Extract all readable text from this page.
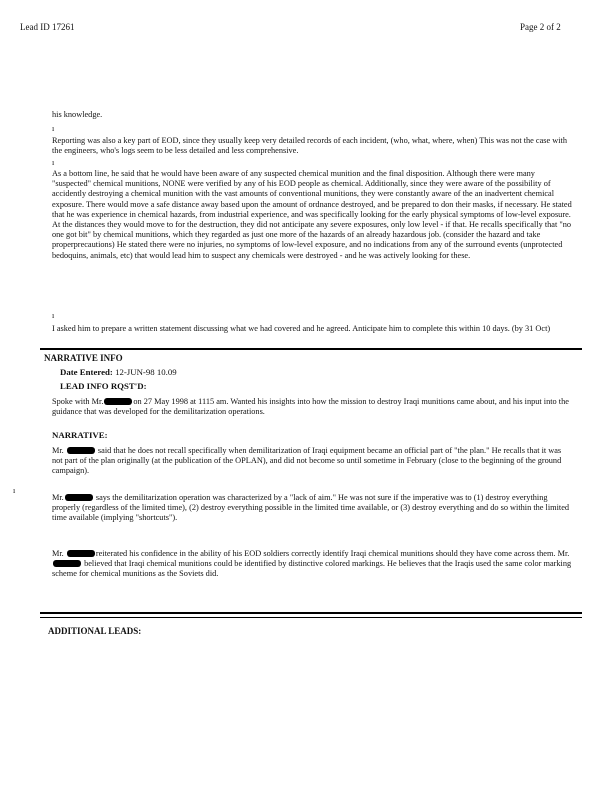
Lead ID 17261	Page 2 of 2

his knowledge.

ı

Reporting was also a key part of EOD, since they usually keep very detailed records of each incident, (who, what, where, when) This was not the case with the engineers, who's logs seem to be less detailed and less comprehensive.

ı

As a bottom line, he said that he would have been aware of any suspected chemical munition and the final disposition. Although there were many "suspected" chemical munitions, NONE were verified by any of his EOD people as chemical. Additionally, since they were aware of the possibility of accidently destroying a chemical munition with the vast amounts of conventional munitions, they were constantly aware of the an inadvertent chemical exposure. There would move a safe distance away based upon the amount of ordnance destroyed, and be prepared to don their masks, if necessary. He stated that he was experience in chemical hazards, from industrial experience, and was specifically looking for the early physical symptoms of low-level exposure. At the distances they would move to for the destruction, they did not anticipate any severe exposures, only low level - if that. He recalls specifically that "no one got bit" by chemical munitions, which they regarded as just one more of the hazards of an already hazardous job. (consider the hazard and take properprecautions) He stated there were no injuries, no symptoms of low-level exposure, and no indications from any of the surround events (unprotected bedoquins, animals, etc) that would lead him to suspect any chemicals were destroyed - and he was actively looking for these.

ı

I asked him to prepare a written statement discussing what we had covered and he agreed. Anticipate him to complete this within 10 days. (by 31 Oct)

NARRATIVE INFO
Date Entered: 12-JUN-98 10.09
LEAD INFO RQST'D:

Spoke with Mr.	on 27 May 1998 at 1115 am. Wanted his insights into how the mission to destroy Iraqi munitions came about, and his input into the guidance that was developed for the demilitarization operations.

NARRATIVE:

Mr.	said that he does not recall specifically when demilitarization of Iraqi equipment became an official part of "the plan." He recalls that it was not part of the plan originally (at the publication of the OPLAN), and did not become so until sometime in February (close to the beginning of the ground campaign).

ı

Mr.	says the demilitarization operation was characterized by a "lack of aim." He was not sure if the imperative was to (1) destroy everything properly (regardless of the limited time), (2) destroy everything possible in the limited time available, or (3) destroy everything and do so within the limited time available (implying "shortcuts").

Mr.	reiterated his confidence in the ability of his EOD soldiers correctly identify Iraqi chemical munitions should they have come across them. Mr. believed that Iraqi chemical munitions could be identified by distinctive colored markings. He believes that the Iraqis used the same color marking scheme for chemical munitions as the Soviets did.

ADDITIONAL LEADS:
